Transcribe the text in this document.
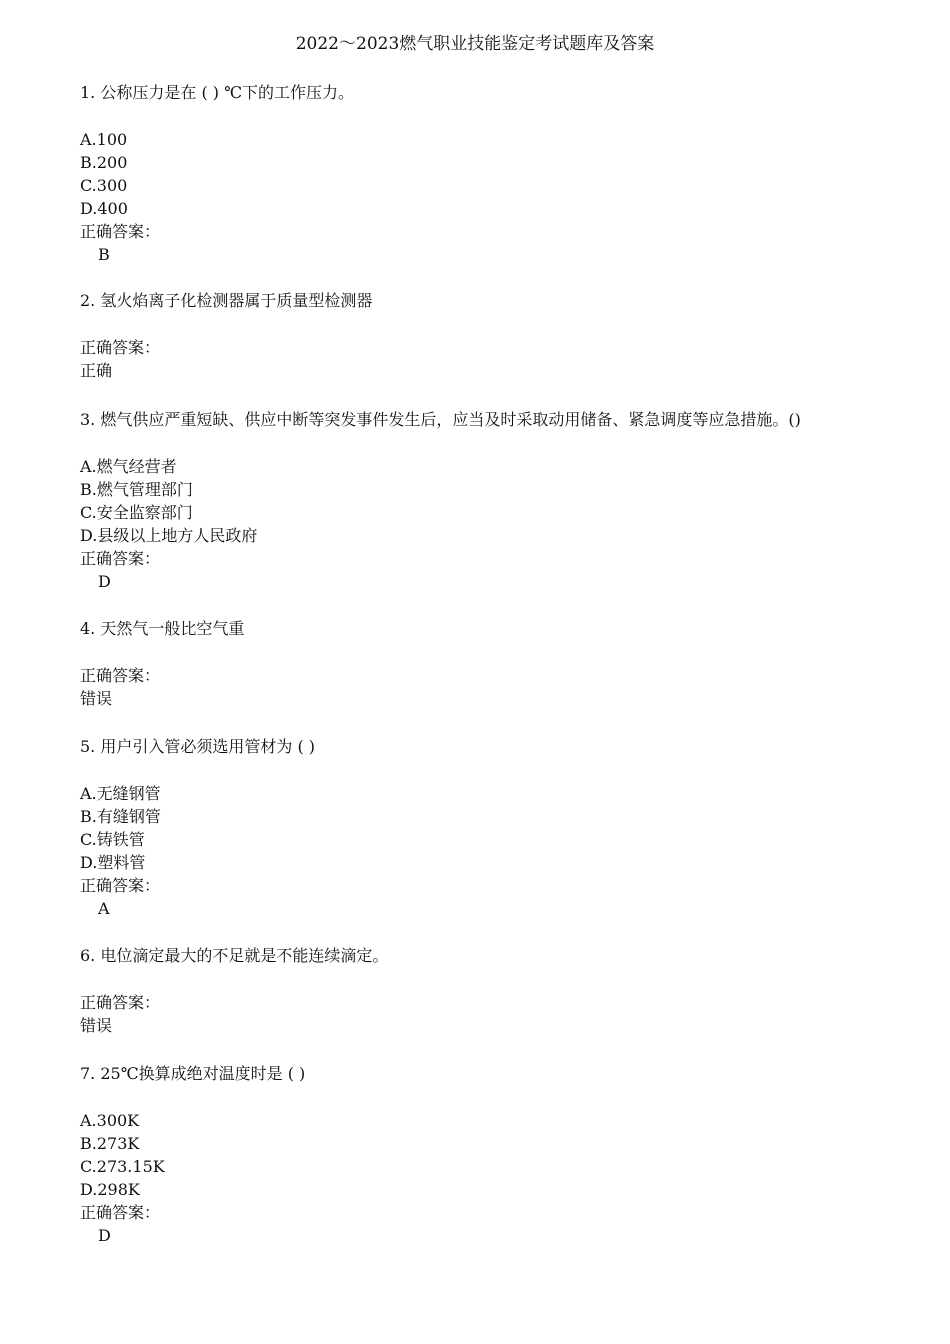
2022～2023燃气职业技能鉴定考试题库及答案
1. 公称压力是在 ( ) ℃下的工作压力。
A.100
B.200
C.300
D.400
正确答案：
B
2. 氢火焰离子化检测器属于质量型检测器
正确答案：
正确
3. 燃气供应严重短缺、供应中断等突发事件发生后，应当及时采取动用储备、紧急调度等应急措施。()
A.燃气经营者
B.燃气管理部门
C.安全监察部门
D.县级以上地方人民政府
正确答案：
D
4. 天然气一般比空气重
正确答案：
错误
5. 用户引入管必须选用管材为 ( )
A.无缝钢管
B.有缝钢管
C.铸铁管
D.塑料管
正确答案：
A
6. 电位滴定最大的不足就是不能连续滴定。
正确答案：
错误
7. 25℃换算成绝对温度时是 ( )
A.300K
B.273K
C.273.15K
D.298K
正确答案：
D
